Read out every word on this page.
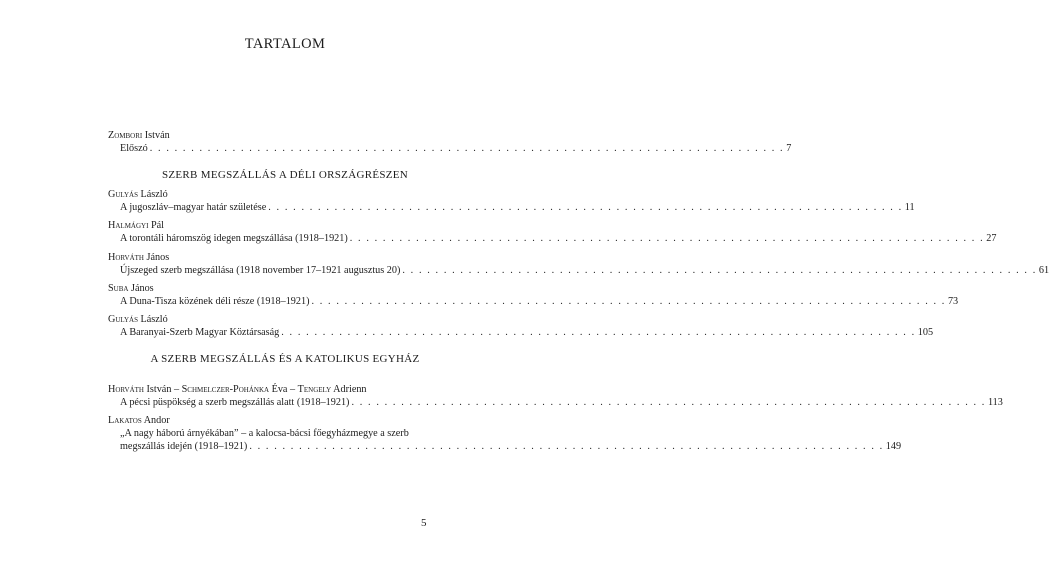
TARTALOM
Zombori István
Előszó . . . . . . . . . . . . . . . . . . . . . . . . . . . . . . . . . . . . . . . . . . . . . . . . . . . . . . . . . . . . . . . . . . . . . . . . . . . . . 7
SZERB MEGSZÁLLÁS A DÉLI ORSZÁGRÉSZEN
Gulyás László
A jugoszláv–magyar határ születése . . . . . . . . . . . . . . . . . . . . . . . . . . . . . . . . . . . . . . . . . . . . . . . . . . . . . . . . . . . . . . . . . . . . . . . . . . . . . 11
Halmágyi Pál
A torontáli háromszög idegen megszállása (1918–1921) . . . . . . . . . . . . . . . . . . . . . . . . . . . . . . . . . . . . . . . . . . . . . . . . . . . . . . . . . . . . . . . . . . . . . . . . . . . . . 27
Horváth János
Újszeged szerb megszállása (1918 november 17–1921 augusztus 20) . . . . . . . . . . . . . . . . . . . . . . . . . . . . . . . . . . . . . . . . . . . . . . . . . . . . . . . . . . . . . . . . . . . . . . . . . . . . . 61
Suba János
A Duna-Tisza közének déli része (1918–1921) . . . . . . . . . . . . . . . . . . . . . . . . . . . . . . . . . . . . . . . . . . . . . . . . . . . . . . . . . . . . . . . . . . . . . . . . . . . . . 73
Gulyás László
A Baranyai-Szerb Magyar Köztársaság . . . . . . . . . . . . . . . . . . . . . . . . . . . . . . . . . . . . . . . . . . . . . . . . . . . . . . . . . . . . . . . . . . . . . . . . . . . . . 105
A SZERB MEGSZÁLLÁS ÉS A KATOLIKUS EGYHÁZ
Horváth István – Schmelczer-Pohánka Éva – Tengely Adrienn
A pécsi püspökség a szerb megszállás alatt (1918–1921) . . . . . . . . . . . . . . . . . . . . . . . . . . . . . . . . . . . . . . . . . . . . . . . . . . . . . . . . . . . . . . . . . . . . . . . . . . . . . 113
Lakatos Andor
„A nagy háború árnyékában” – a kalocsa-bácsi főegyházmegye a szerb
megszállás idején (1918–1921) . . . . . . . . . . . . . . . . . . . . . . . . . . . . . . . . . . . . . . . . . . . . . . . . . . . . . . . . . . . . . . . . . . . . . . . . . . . . . 149
5
